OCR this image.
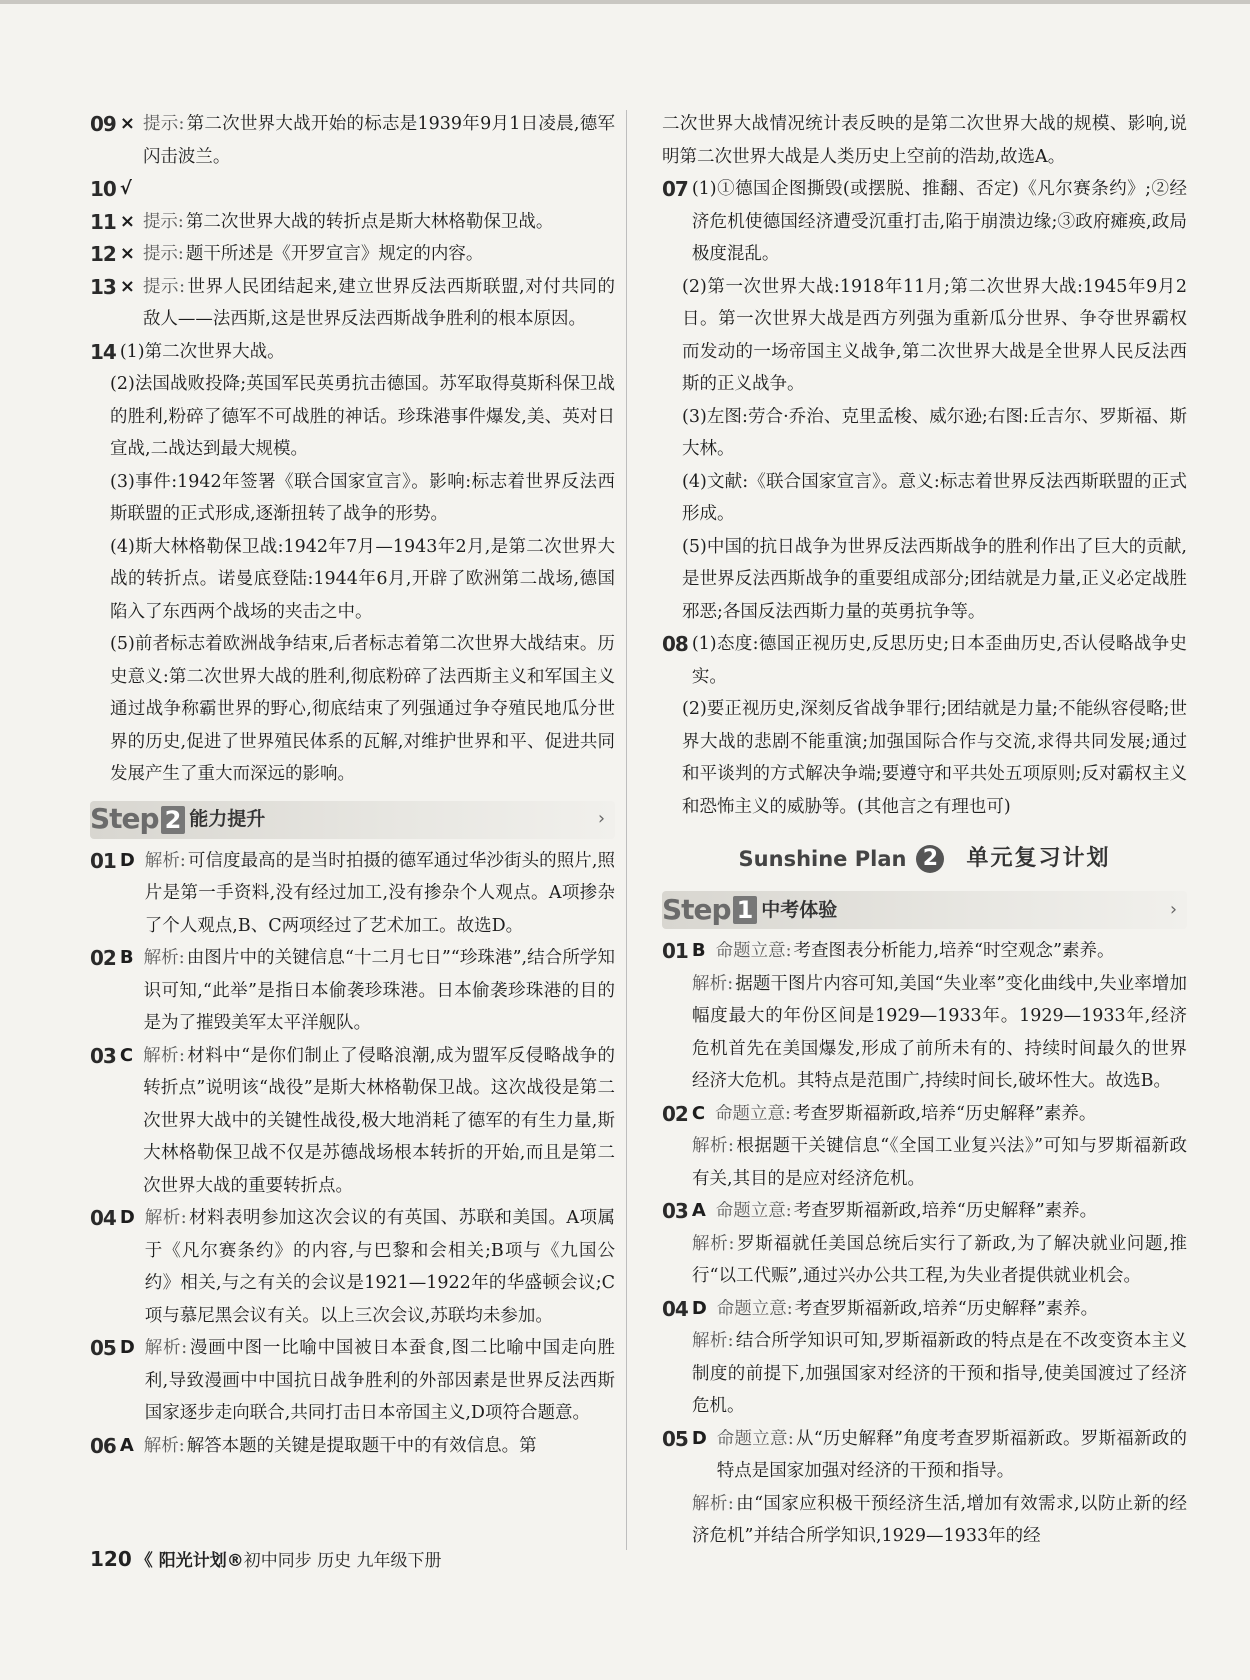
09 × 提示: 第二次世界大战开始的标志是1939年9月1日凌晨,德军闪击波兰。
10 √
11 × 提示: 第二次世界大战的转折点是斯大林格勒保卫战。
12 × 提示: 题干所述是《开罗宣言》规定的内容。
13 × 提示: 世界人民团结起来,建立世界反法西斯联盟,对付共同的敌人——法西斯,这是世界反法西斯战争胜利的根本原因。
14 (1)第二次世界大战。
(2)法国战败投降;英国军民英勇抗击德国。苏军取得莫斯科保卫战的胜利,粉碎了德军不可战胜的神话。珍珠港事件爆发,美、英对日宣战,二战达到最大规模。
(3)事件:1942年签署《联合国家宣言》。影响:标志着世界反法西斯联盟的正式形成,逐渐扭转了战争的形势。
(4)斯大林格勒保卫战:1942年7月—1943年2月,是第二次世界大战的转折点。诺曼底登陆:1944年6月,开辟了欧洲第二战场,德国陷入了东西两个战场的夹击之中。
(5)前者标志着欧洲战争结束,后者标志着第二次世界大战结束。历史意义:第二次世界大战的胜利,彻底粉碎了法西斯主义和军国主义通过战争称霸世界的野心,彻底结束了列强通过争夺殖民地瓜分世界的历史,促进了世界殖民体系的瓦解,对维护世界和平、促进共同发展产生了重大而深远的影响。
Step 2 能力提升	›
01 D 解析: 可信度最高的是当时拍摄的德军通过华沙街头的照片,照片是第一手资料,没有经过加工,没有掺杂个人观点。A项掺杂了个人观点,B、C两项经过了艺术加工。故选D。
02 B 解析: 由图片中的关键信息“十二月七日”“珍珠港”,结合所学知识可知,“此举”是指日本偷袭珍珠港。日本偷袭珍珠港的目的是为了摧毁美军太平洋舰队。
03 C 解析: 材料中“是你们制止了侵略浪潮,成为盟军反侵略战争的转折点”说明该“战役”是斯大林格勒保卫战。这次战役是第二次世界大战中的关键性战役,极大地消耗了德军的有生力量,斯大林格勒保卫战不仅是苏德战场根本转折的开始,而且是第二次世界大战的重要转折点。
04 D 解析: 材料表明参加这次会议的有英国、苏联和美国。A项属于《凡尔赛条约》的内容,与巴黎和会相关;B项与《九国公约》相关,与之有关的会议是1921—1922年的华盛顿会议;C项与慕尼黑会议有关。以上三次会议,苏联均未参加。
05 D 解析: 漫画中图一比喻中国被日本蚕食,图二比喻中国走向胜利,导致漫画中中国抗日战争胜利的外部因素是世界反法西斯国家逐步走向联合,共同打击日本帝国主义,D项符合题意。
06 A 解析: 解答本题的关键是提取题干中的有效信息。第
二次世界大战情况统计表反映的是第二次世界大战的规模、影响,说明第二次世界大战是人类历史上空前的浩劫,故选A。
07 (1)①德国企图撕毁(或摆脱、推翻、否定)《凡尔赛条约》;②经济危机使德国经济遭受沉重打击,陷于崩溃边缘;③政府瘫痪,政局极度混乱。
(2)第一次世界大战:1918年11月;第二次世界大战:1945年9月2日。第一次世界大战是西方列强为重新瓜分世界、争夺世界霸权而发动的一场帝国主义战争,第二次世界大战是全世界人民反法西斯的正义战争。
(3)左图:劳合·乔治、克里孟梭、威尔逊;右图:丘吉尔、罗斯福、斯大林。
(4)文献:《联合国家宣言》。意义:标志着世界反法西斯联盟的正式形成。
(5)中国的抗日战争为世界反法西斯战争的胜利作出了巨大的贡献,是世界反法西斯战争的重要组成部分;团结就是力量,正义必定战胜邪恶;各国反法西斯力量的英勇抗争等。
08 (1)态度:德国正视历史,反思历史;日本歪曲历史,否认侵略战争史实。
(2)要正视历史,深刻反省战争罪行;团结就是力量;不能纵容侵略;世界大战的悲剧不能重演;加强国际合作与交流,求得共同发展;通过和平谈判的方式解决争端;要遵守和平共处五项原则;反对霸权主义和恐怖主义的威胁等。(其他言之有理也可)
Sunshine Plan 2 单元复习计划
Step 1 中考体验	›
01 B 命题立意: 考查图表分析能力,培养“时空观念”素养。
解析: 据题干图片内容可知,美国“失业率”变化曲线中,失业率增加幅度最大的年份区间是1929—1933年。1929—1933年,经济危机首先在美国爆发,形成了前所未有的、持续时间最久的世界经济大危机。其特点是范围广,持续时间长,破坏性大。故选B。
02 C 命题立意: 考查罗斯福新政,培养“历史解释”素养。
解析: 根据题干关键信息“《全国工业复兴法》”可知与罗斯福新政有关,其目的是应对经济危机。
03 A 命题立意: 考查罗斯福新政,培养“历史解释”素养。
解析: 罗斯福就任美国总统后实行了新政,为了解决就业问题,推行“以工代赈”,通过兴办公共工程,为失业者提供就业机会。
04 D 命题立意: 考查罗斯福新政,培养“历史解释”素养。
解析: 结合所学知识可知,罗斯福新政的特点是在不改变资本主义制度的前提下,加强国家对经济的干预和指导,使美国渡过了经济危机。
05 D 命题立意: 从“历史解释”角度考查罗斯福新政。罗斯福新政的特点是国家加强对经济的干预和指导。
解析: 由“国家应积极干预经济生活,增加有效需求,以防止新的经济危机”并结合所学知识,1929—1933年的经
120 《 阳光计划® 初中同步 历史 九年级下册
